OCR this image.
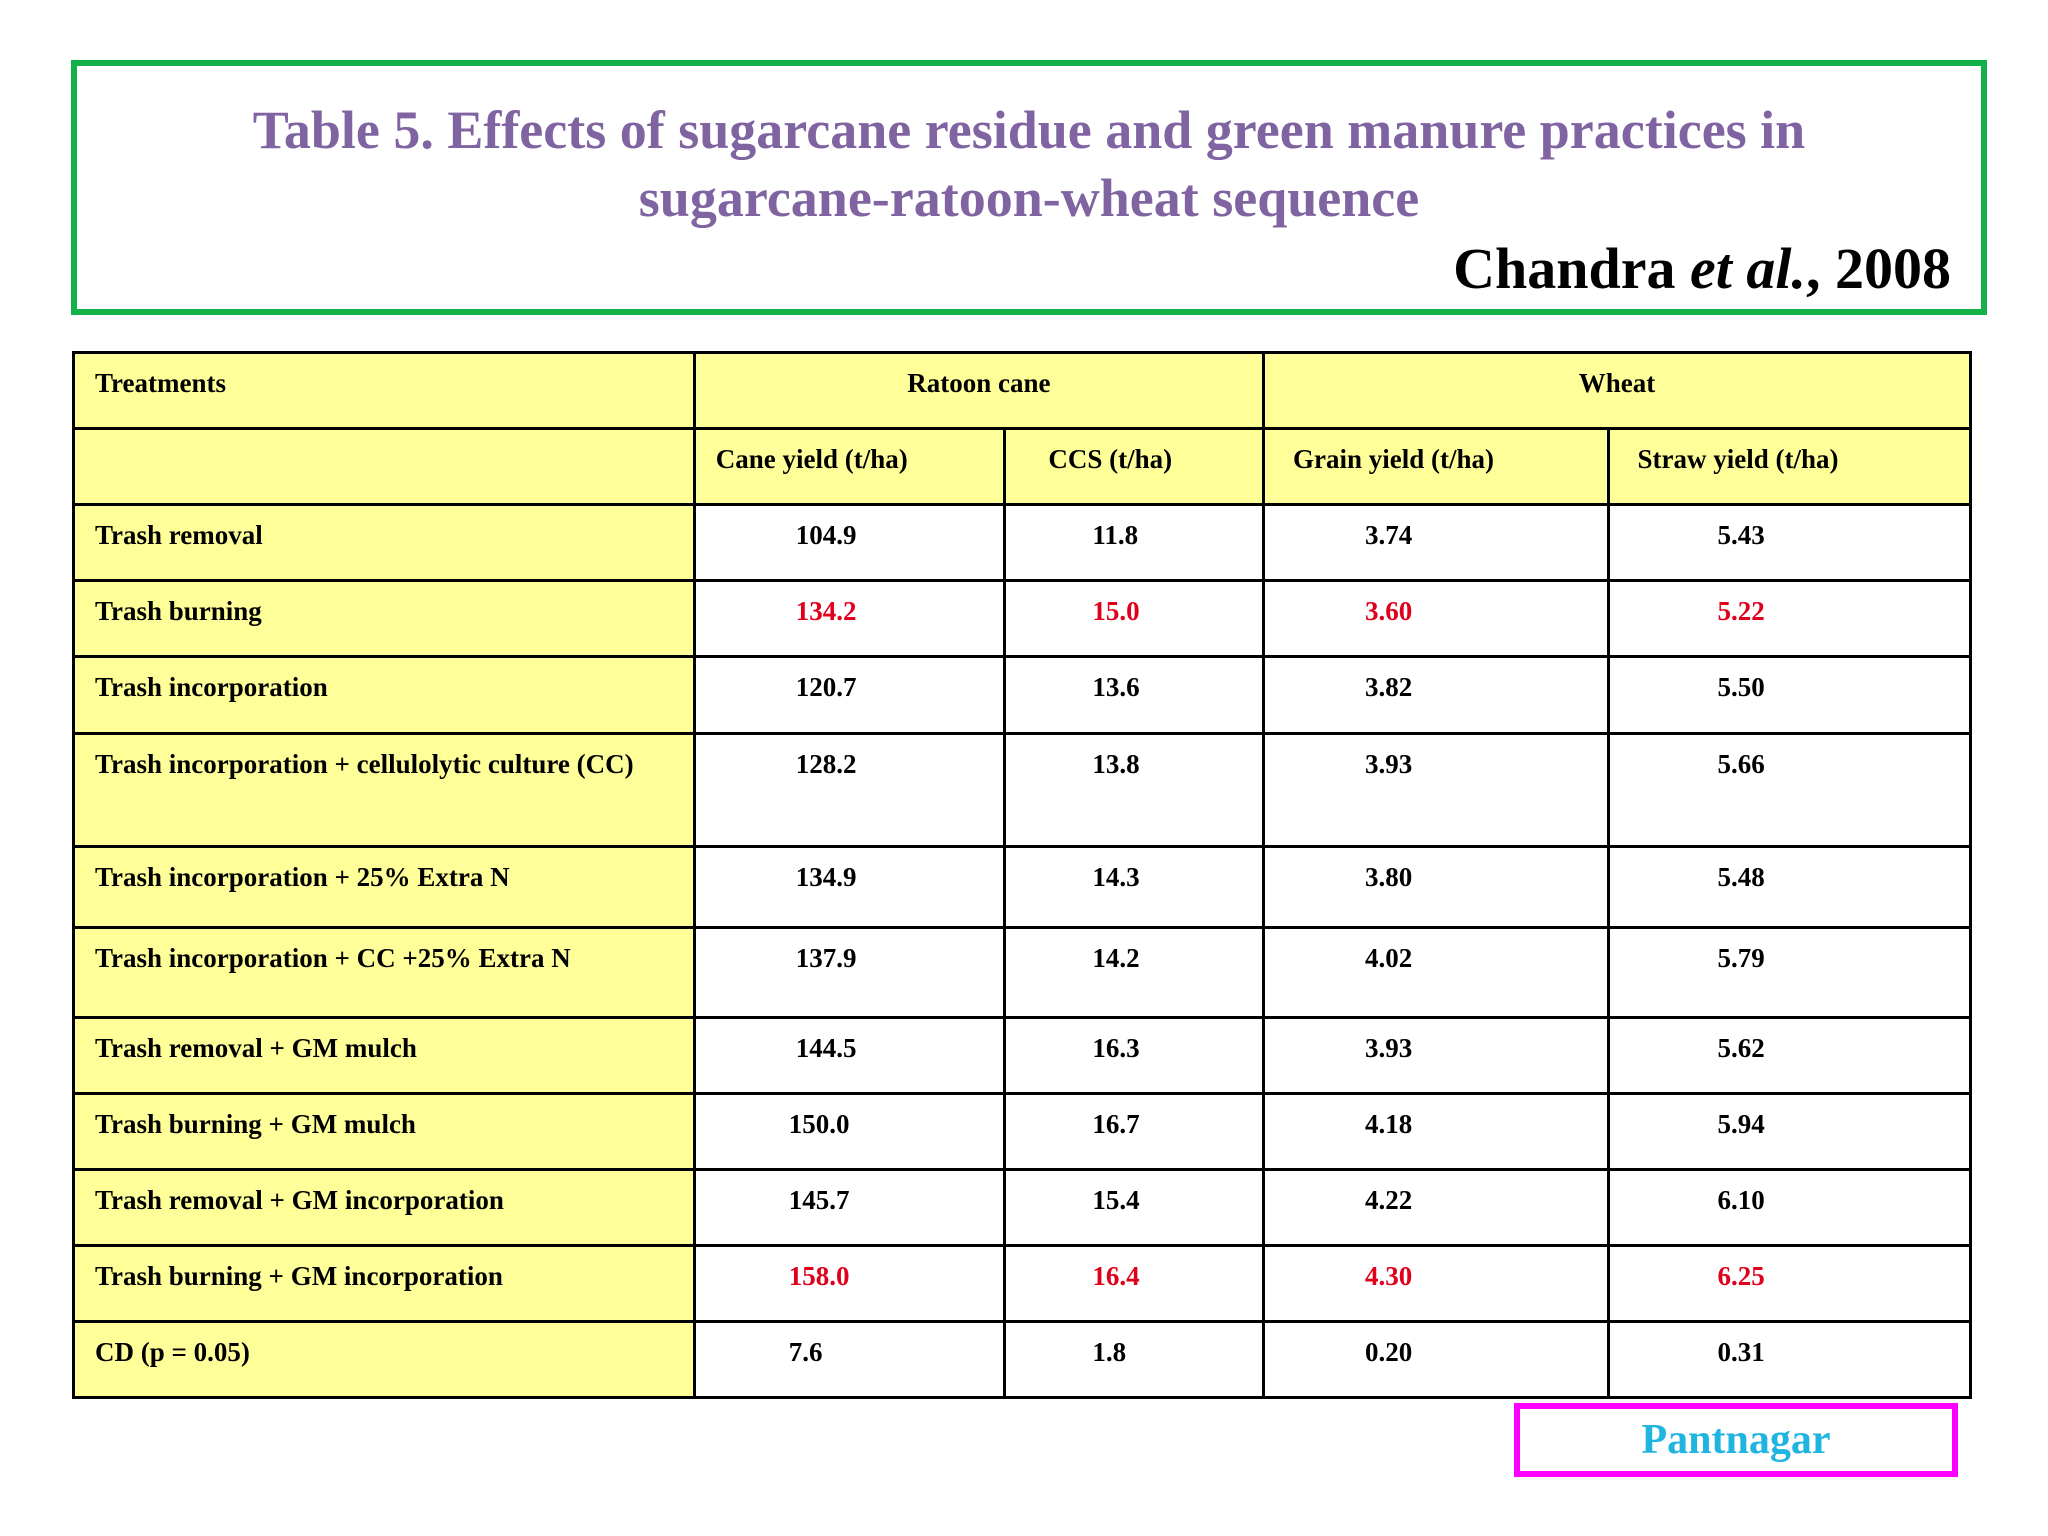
Table 5. Effects of sugarcane residue and green manure practices in
sugarcane-ratoon-wheat sequence
Chandra et al., 2008
Treatments	Ratoon cane		Wheat	
	Cane yield (t/ha)	CCS (t/ha)	Grain yield (t/ha)	Straw yield (t/ha)
Trash removal	104.9	11.8	3.74	5.43
Trash burning	134.2	15.0	3.60	5.22
Trash incorporation	120.7	13.6	3.82	5.50
Trash incorporation + cellulolytic culture (CC)	128.2	13.8	3.93	5.66
Trash incorporation + 25% Extra N	134.9	14.3	3.80	5.48
Trash incorporation + CC +25% Extra N	137.9	14.2	4.02	5.79
Trash removal + GM mulch	144.5	16.3	3.93	5.62
Trash burning + GM mulch	150.0	16.7	4.18	5.94
Trash removal + GM incorporation	145.7	15.4	4.22	6.10
Trash burning + GM incorporation	158.0	16.4	4.30	6.25
CD (p = 0.05)	7.6	1.8	0.20	0.31
Pantnagar
